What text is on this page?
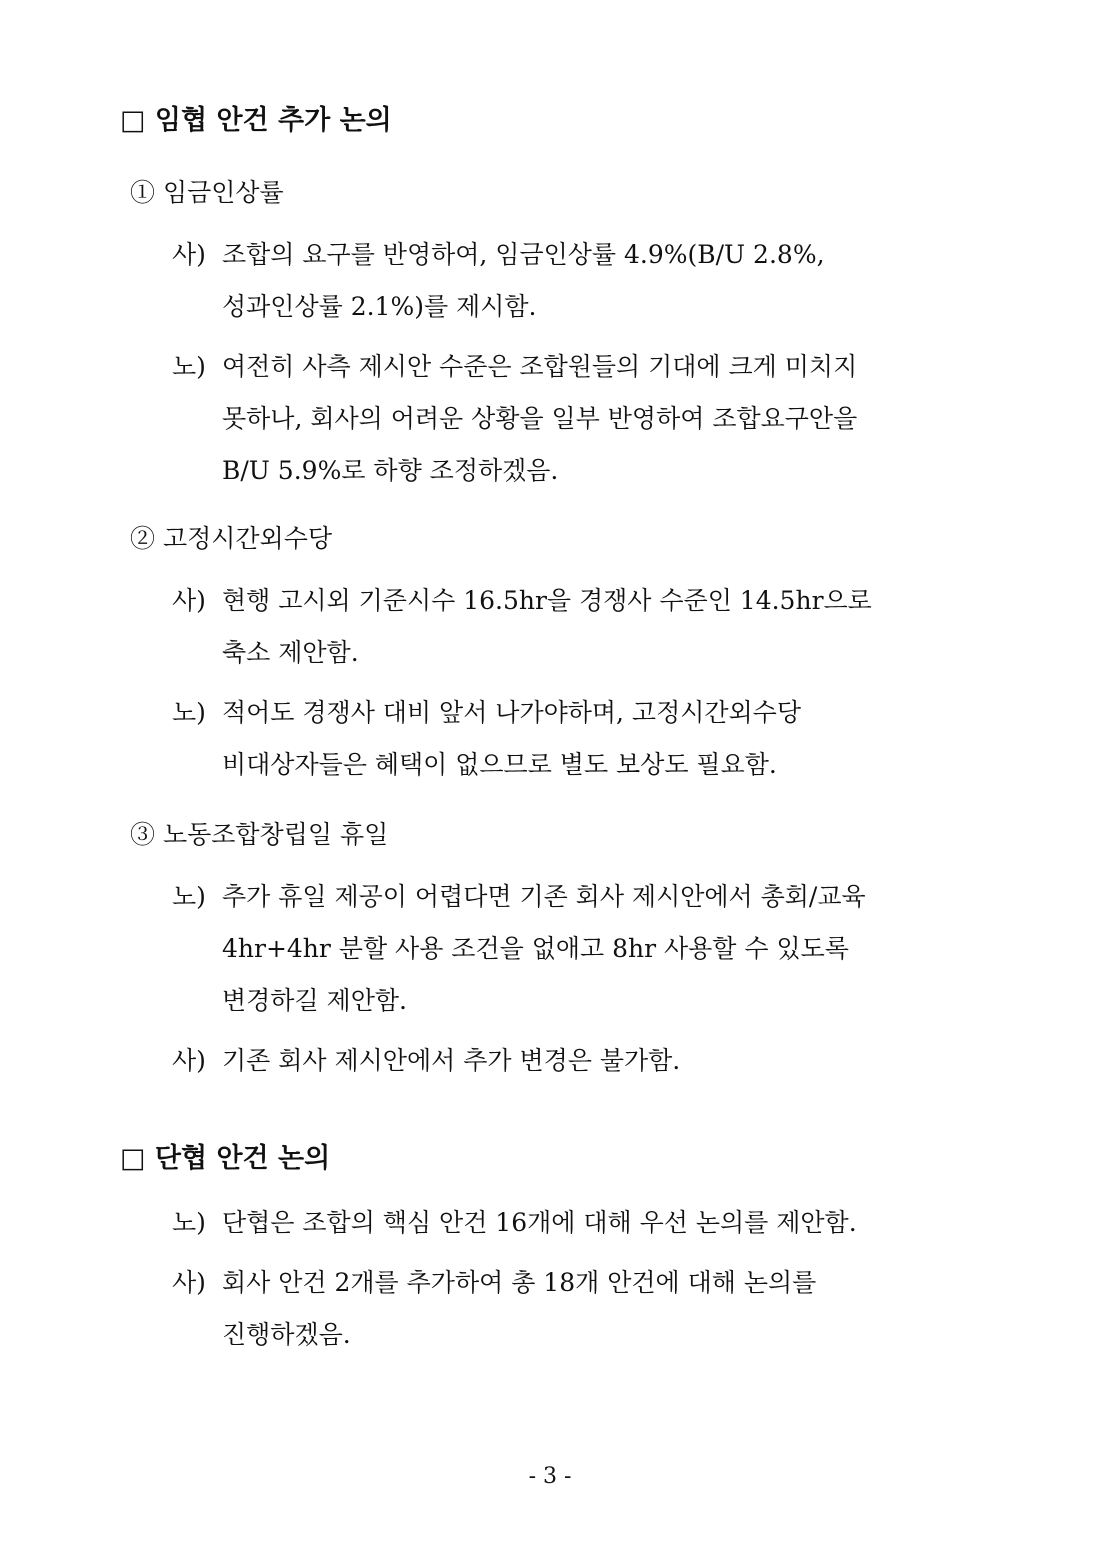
□ 임협 안건 추가 논의
① 임금인상률
사) 조합의 요구를 반영하여, 임금인상률 4.9%(B/U 2.8%,
성과인상률 2.1%)를 제시함.
노) 여전히 사측 제시안 수준은 조합원들의 기대에 크게 미치지
못하나, 회사의 어려운 상황을 일부 반영하여 조합요구안을
B/U 5.9%로 하향 조정하겠음.
② 고정시간외수당
사) 현행 고시외 기준시수 16.5hr을 경쟁사 수준인 14.5hr으로
축소 제안함.
노) 적어도 경쟁사 대비 앞서 나가야하며, 고정시간외수당
비대상자들은 혜택이 없으므로 별도 보상도 필요함.
③ 노동조합창립일 휴일
노) 추가 휴일 제공이 어렵다면 기존 회사 제시안에서 총회/교육
4hr+4hr 분할 사용 조건을 없애고 8hr 사용할 수 있도록
변경하길 제안함.
사) 기존 회사 제시안에서 추가 변경은 불가함.
□ 단협 안건 논의
노) 단협은 조합의 핵심 안건 16개에 대해 우선 논의를 제안함.
사) 회사 안건 2개를 추가하여 총 18개 안건에 대해 논의를
진행하겠음.
- 3 -
